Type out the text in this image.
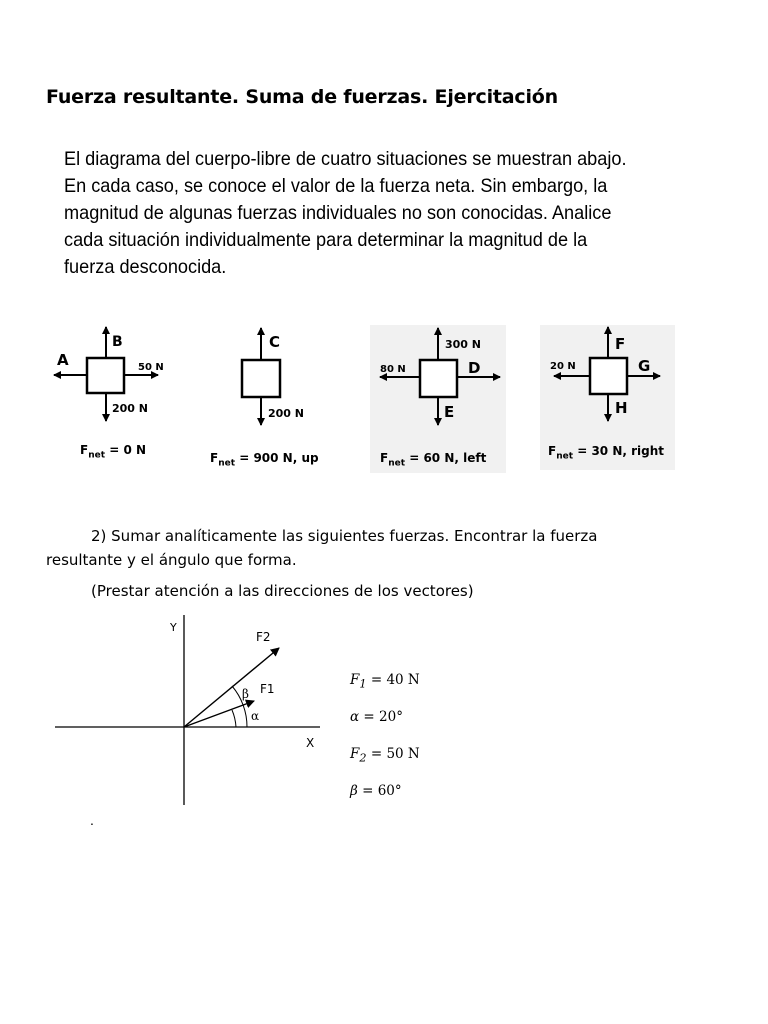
Fuerza resultante. Suma de fuerzas. Ejercitación
El diagrama del cuerpo-libre de cuatro situaciones se muestran abajo.
En cada caso, se conoce el valor de la fuerza neta. Sin embargo, la
magnitud de algunas fuerzas individuales no son conocidas. Analice
cada situación individualmente para determinar la magnitud de la
fuerza desconocida.
A
B
50 N
200 N
$F_{net} = 0$ N
C
200 N
$F_{net} = 900$ N, up
80 N
300 N
D
E
$F_{net} = 60$ N, left
20 N
F
G
H
$F_{net} = 30$ N, right
2) Sumar analíticamente las siguientes fuerzas. Encontrar la fuerza
resultante y el ángulo que forma.
(Prestar atención a las direcciones de los vectores)
Y
X
F2
F1
β
α
$F_1 = 40$ N
α = 20°
$F_2 = 50$ N
β = 60°
.
